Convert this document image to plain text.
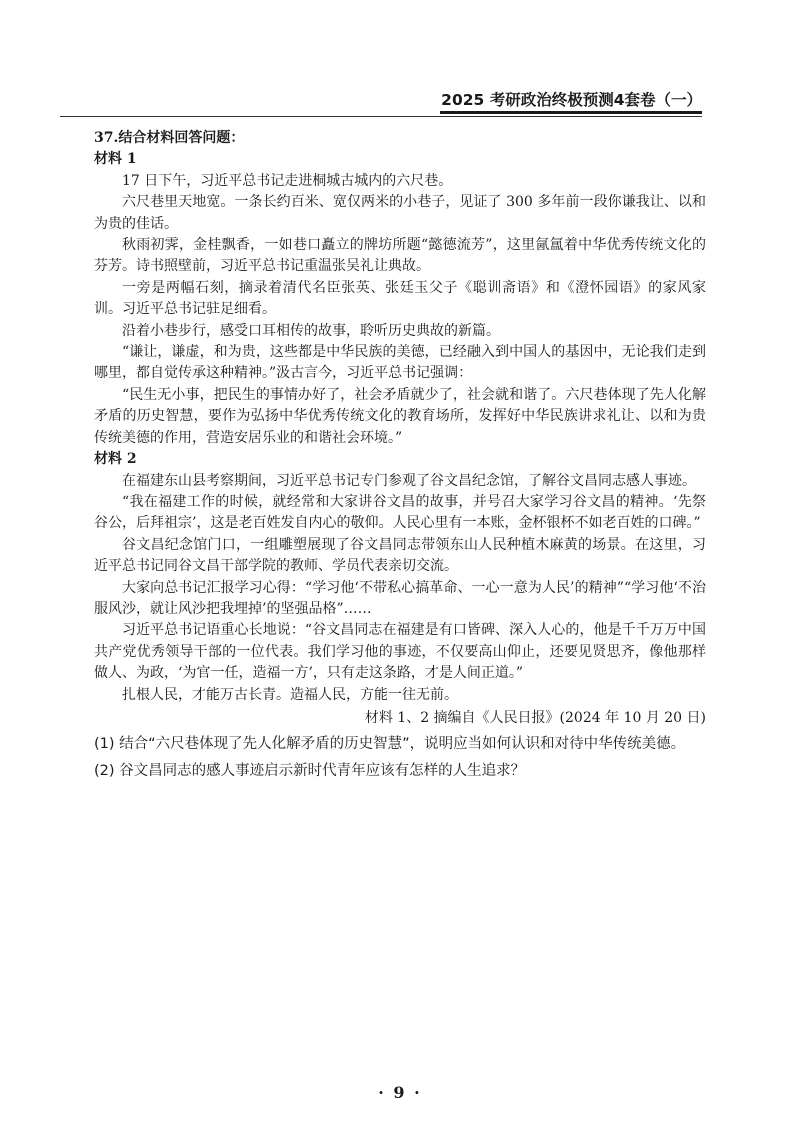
2025 考研政治终极预测4套卷（一）

37.结合材料回答问题：

材料 1

17 日下午，习近平总书记走进桐城古城内的六尺巷。

六尺巷里天地宽。一条长约百米、宽仅两米的小巷子，见证了 300 多年前一段你谦我让、以和为贵的佳话。

秋雨初霁，金桂飘香，一如巷口矗立的牌坊所题“懿德流芳”，这里氤氲着中华优秀传统文化的芬芳。诗书照壁前，习近平总书记重温张吴礼让典故。

一旁是两幅石刻，摘录着清代名臣张英、张廷玉父子《聪训斋语》和《澄怀园语》的家风家训。习近平总书记驻足细看。

沿着小巷步行，感受口耳相传的故事，聆听历史典故的新篇。

“谦让，谦虚，和为贵，这些都是中华民族的美德，已经融入到中国人的基因中，无论我们走到哪里，都自觉传承这种精神。”汲古言今，习近平总书记强调：

“民生无小事，把民生的事情办好了，社会矛盾就少了，社会就和谐了。六尺巷体现了先人化解矛盾的历史智慧，要作为弘扬中华优秀传统文化的教育场所，发挥好中华民族讲求礼让、以和为贵传统美德的作用，营造安居乐业的和谐社会环境。”

材料 2

在福建东山县考察期间，习近平总书记专门参观了谷文昌纪念馆，了解谷文昌同志感人事迹。

“我在福建工作的时候，就经常和大家讲谷文昌的故事，并号召大家学习谷文昌的精神。‘先祭谷公，后拜祖宗’，这是老百姓发自内心的敬仰。人民心里有一本账，金杯银杯不如老百姓的口碑。”

谷文昌纪念馆门口，一组雕塑展现了谷文昌同志带领东山人民种植木麻黄的场景。在这里，习近平总书记同谷文昌干部学院的教师、学员代表亲切交流。

大家向总书记汇报学习心得：“学习他‘不带私心搞革命、一心一意为人民’的精神”“学习他‘不治服风沙，就让风沙把我埋掉’的坚强品格”……

习近平总书记语重心长地说：“谷文昌同志在福建是有口皆碑、深入人心的，他是千千万万中国共产党优秀领导干部的一位代表。我们学习他的事迹，不仅要高山仰止，还要见贤思齐，像他那样做人、为政，‘为官一任，造福一方’，只有走这条路，才是人间正道。”

扎根人民，才能万古长青。造福人民，方能一往无前。

材料 1、2 摘编自《人民日报》(2024 年 10 月 20 日)

(1) 结合“六尺巷体现了先人化解矛盾的历史智慧”，说明应当如何认识和对待中华传统美德。

(2) 谷文昌同志的感人事迹启示新时代青年应该有怎样的人生追求？

· 9 ·
